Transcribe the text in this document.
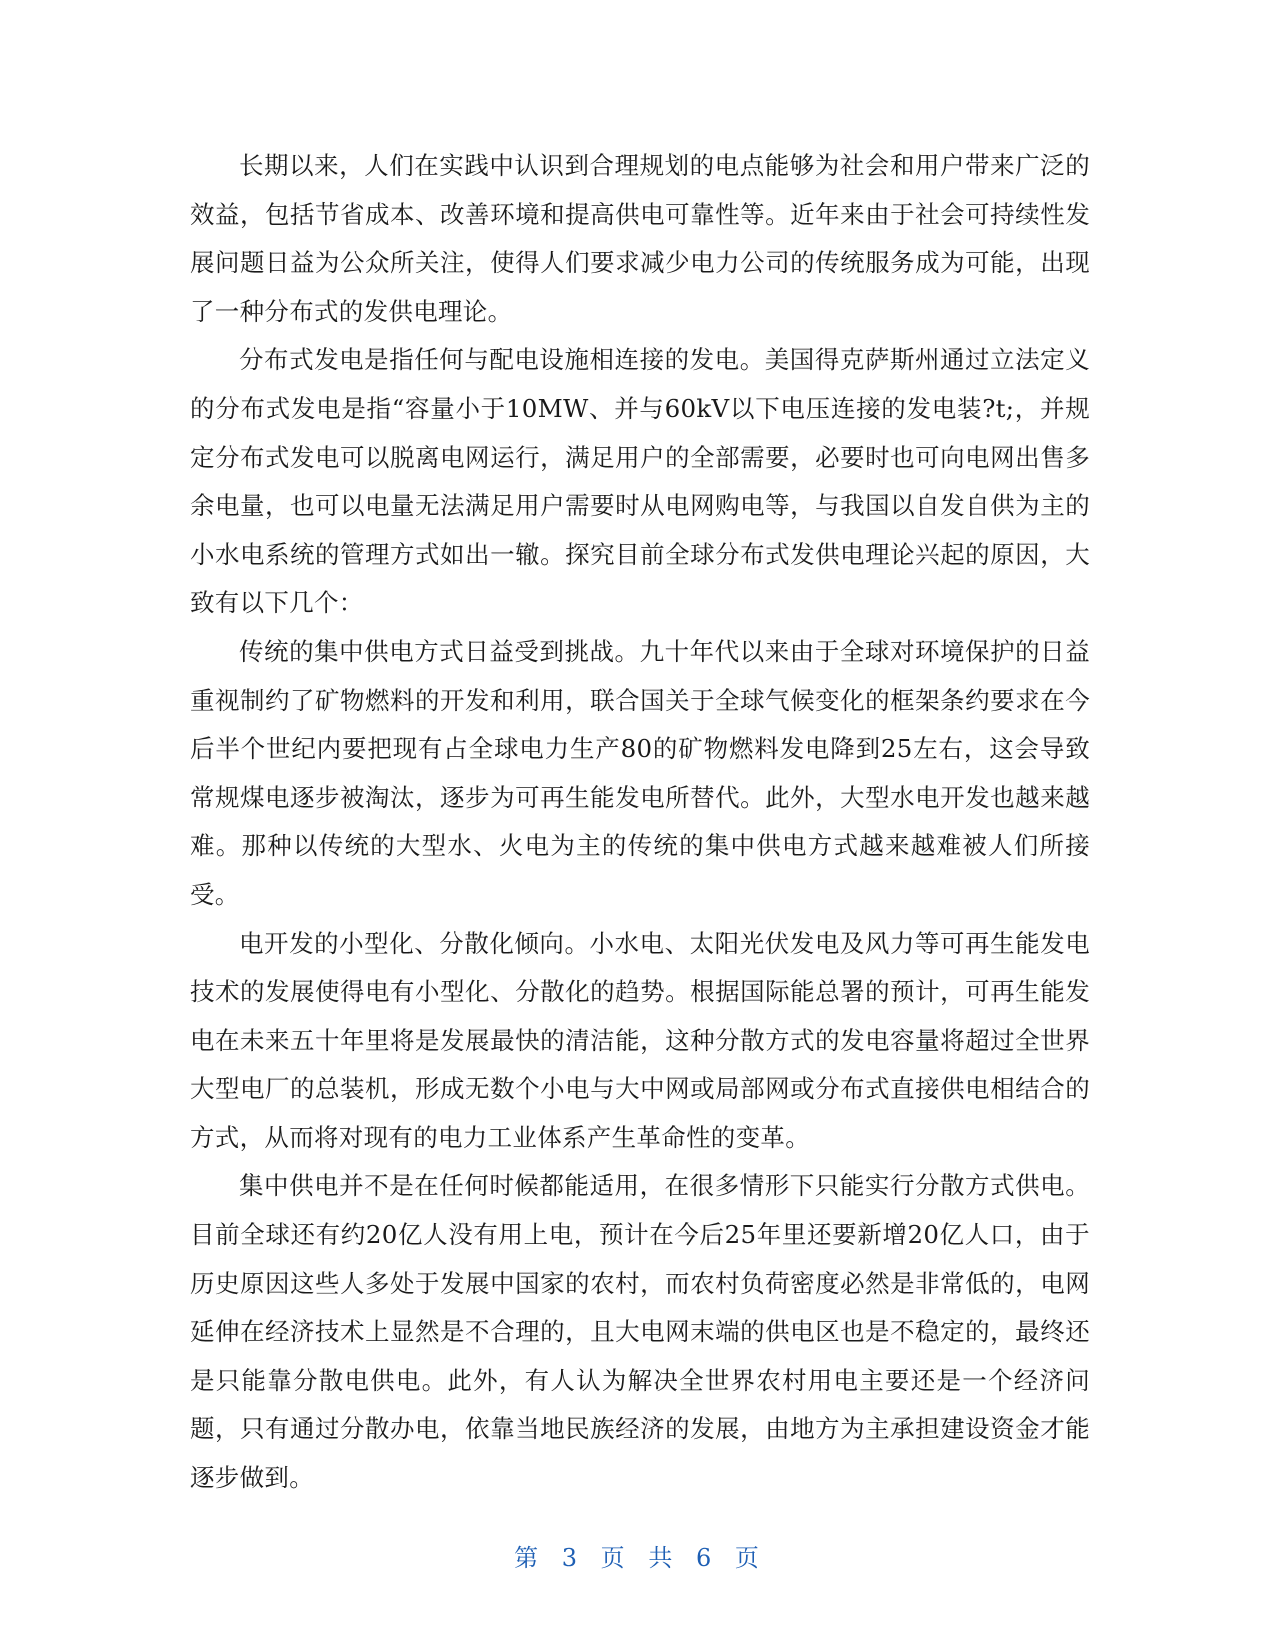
长期以来，人们在实践中认识到合理规划的电点能够为社会和用户带来广泛的效益，包括节省成本、改善环境和提高供电可靠性等。近年来由于社会可持续性发展问题日益为公众所关注，使得人们要求减少电力公司的传统服务成为可能，出现了一种分布式的发供电理论。

分布式发电是指任何与配电设施相连接的发电。美国得克萨斯州通过立法定义的分布式发电是指“容量小于10MW、并与60kV以下电压连接的发电装?t;，并规定分布式发电可以脱离电网运行，满足用户的全部需要，必要时也可向电网出售多余电量，也可以电量无法满足用户需要时从电网购电等，与我国以自发自供为主的小水电系统的管理方式如出一辙。探究目前全球分布式发供电理论兴起的原因，大致有以下几个：

传统的集中供电方式日益受到挑战。九十年代以来由于全球对环境保护的日益重视制约了矿物燃料的开发和利用，联合国关于全球气候变化的框架条约要求在今后半个世纪内要把现有占全球电力生产80的矿物燃料发电降到25左右，这会导致常规煤电逐步被淘汰，逐步为可再生能发电所替代。此外，大型水电开发也越来越难。那种以传统的大型水、火电为主的传统的集中供电方式越来越难被人们所接受。

电开发的小型化、分散化倾向。小水电、太阳光伏发电及风力等可再生能发电技术的发展使得电有小型化、分散化的趋势。根据国际能总署的预计，可再生能发电在未来五十年里将是发展最快的清洁能，这种分散方式的发电容量将超过全世界大型电厂的总装机，形成无数个小电与大中网或局部网或分布式直接供电相结合的方式，从而将对现有的电力工业体系产生革命性的变革。

集中供电并不是在任何时候都能适用，在很多情形下只能实行分散方式供电。目前全球还有约20亿人没有用上电，预计在今后25年里还要新增20亿人口，由于历史原因这些人多处于发展中国家的农村，而农村负荷密度必然是非常低的，电网延伸在经济技术上显然是不合理的，且大电网末端的供电区也是不稳定的，最终还是只能靠分散电供电。此外，有人认为解决全世界农村用电主要还是一个经济问题，只有通过分散办电，依靠当地民族经济的发展，由地方为主承担建设资金才能逐步做到。

第 3 页 共 6 页
